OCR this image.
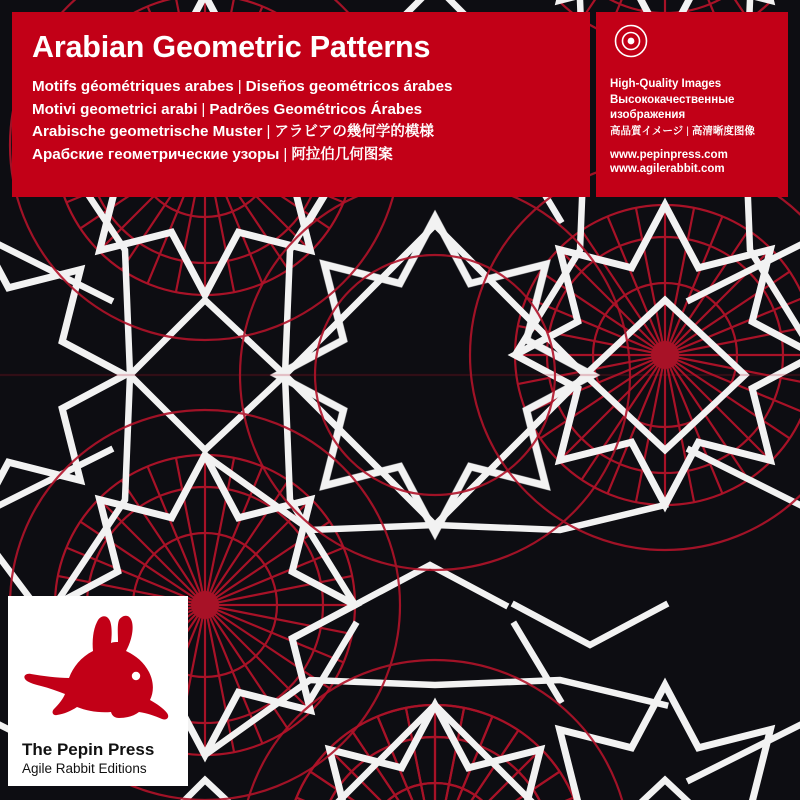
Arabian Geometric Patterns
Motifs géométriques arabes | Diseños geométricos árabes
Motivi geometrici arabi | Padrões Geométricos Árabes
Arabische geometrische Muster | アラビアの幾何学的模様
Арабские геометрические узоры | 阿拉伯几何图案
High-Quality Images
Высококачественные
изображения
高品質イメージ | 高清晰度图像
www.pepinpress.com
www.agilerabbit.com
The Pepin Press
Agile Rabbit Editions
